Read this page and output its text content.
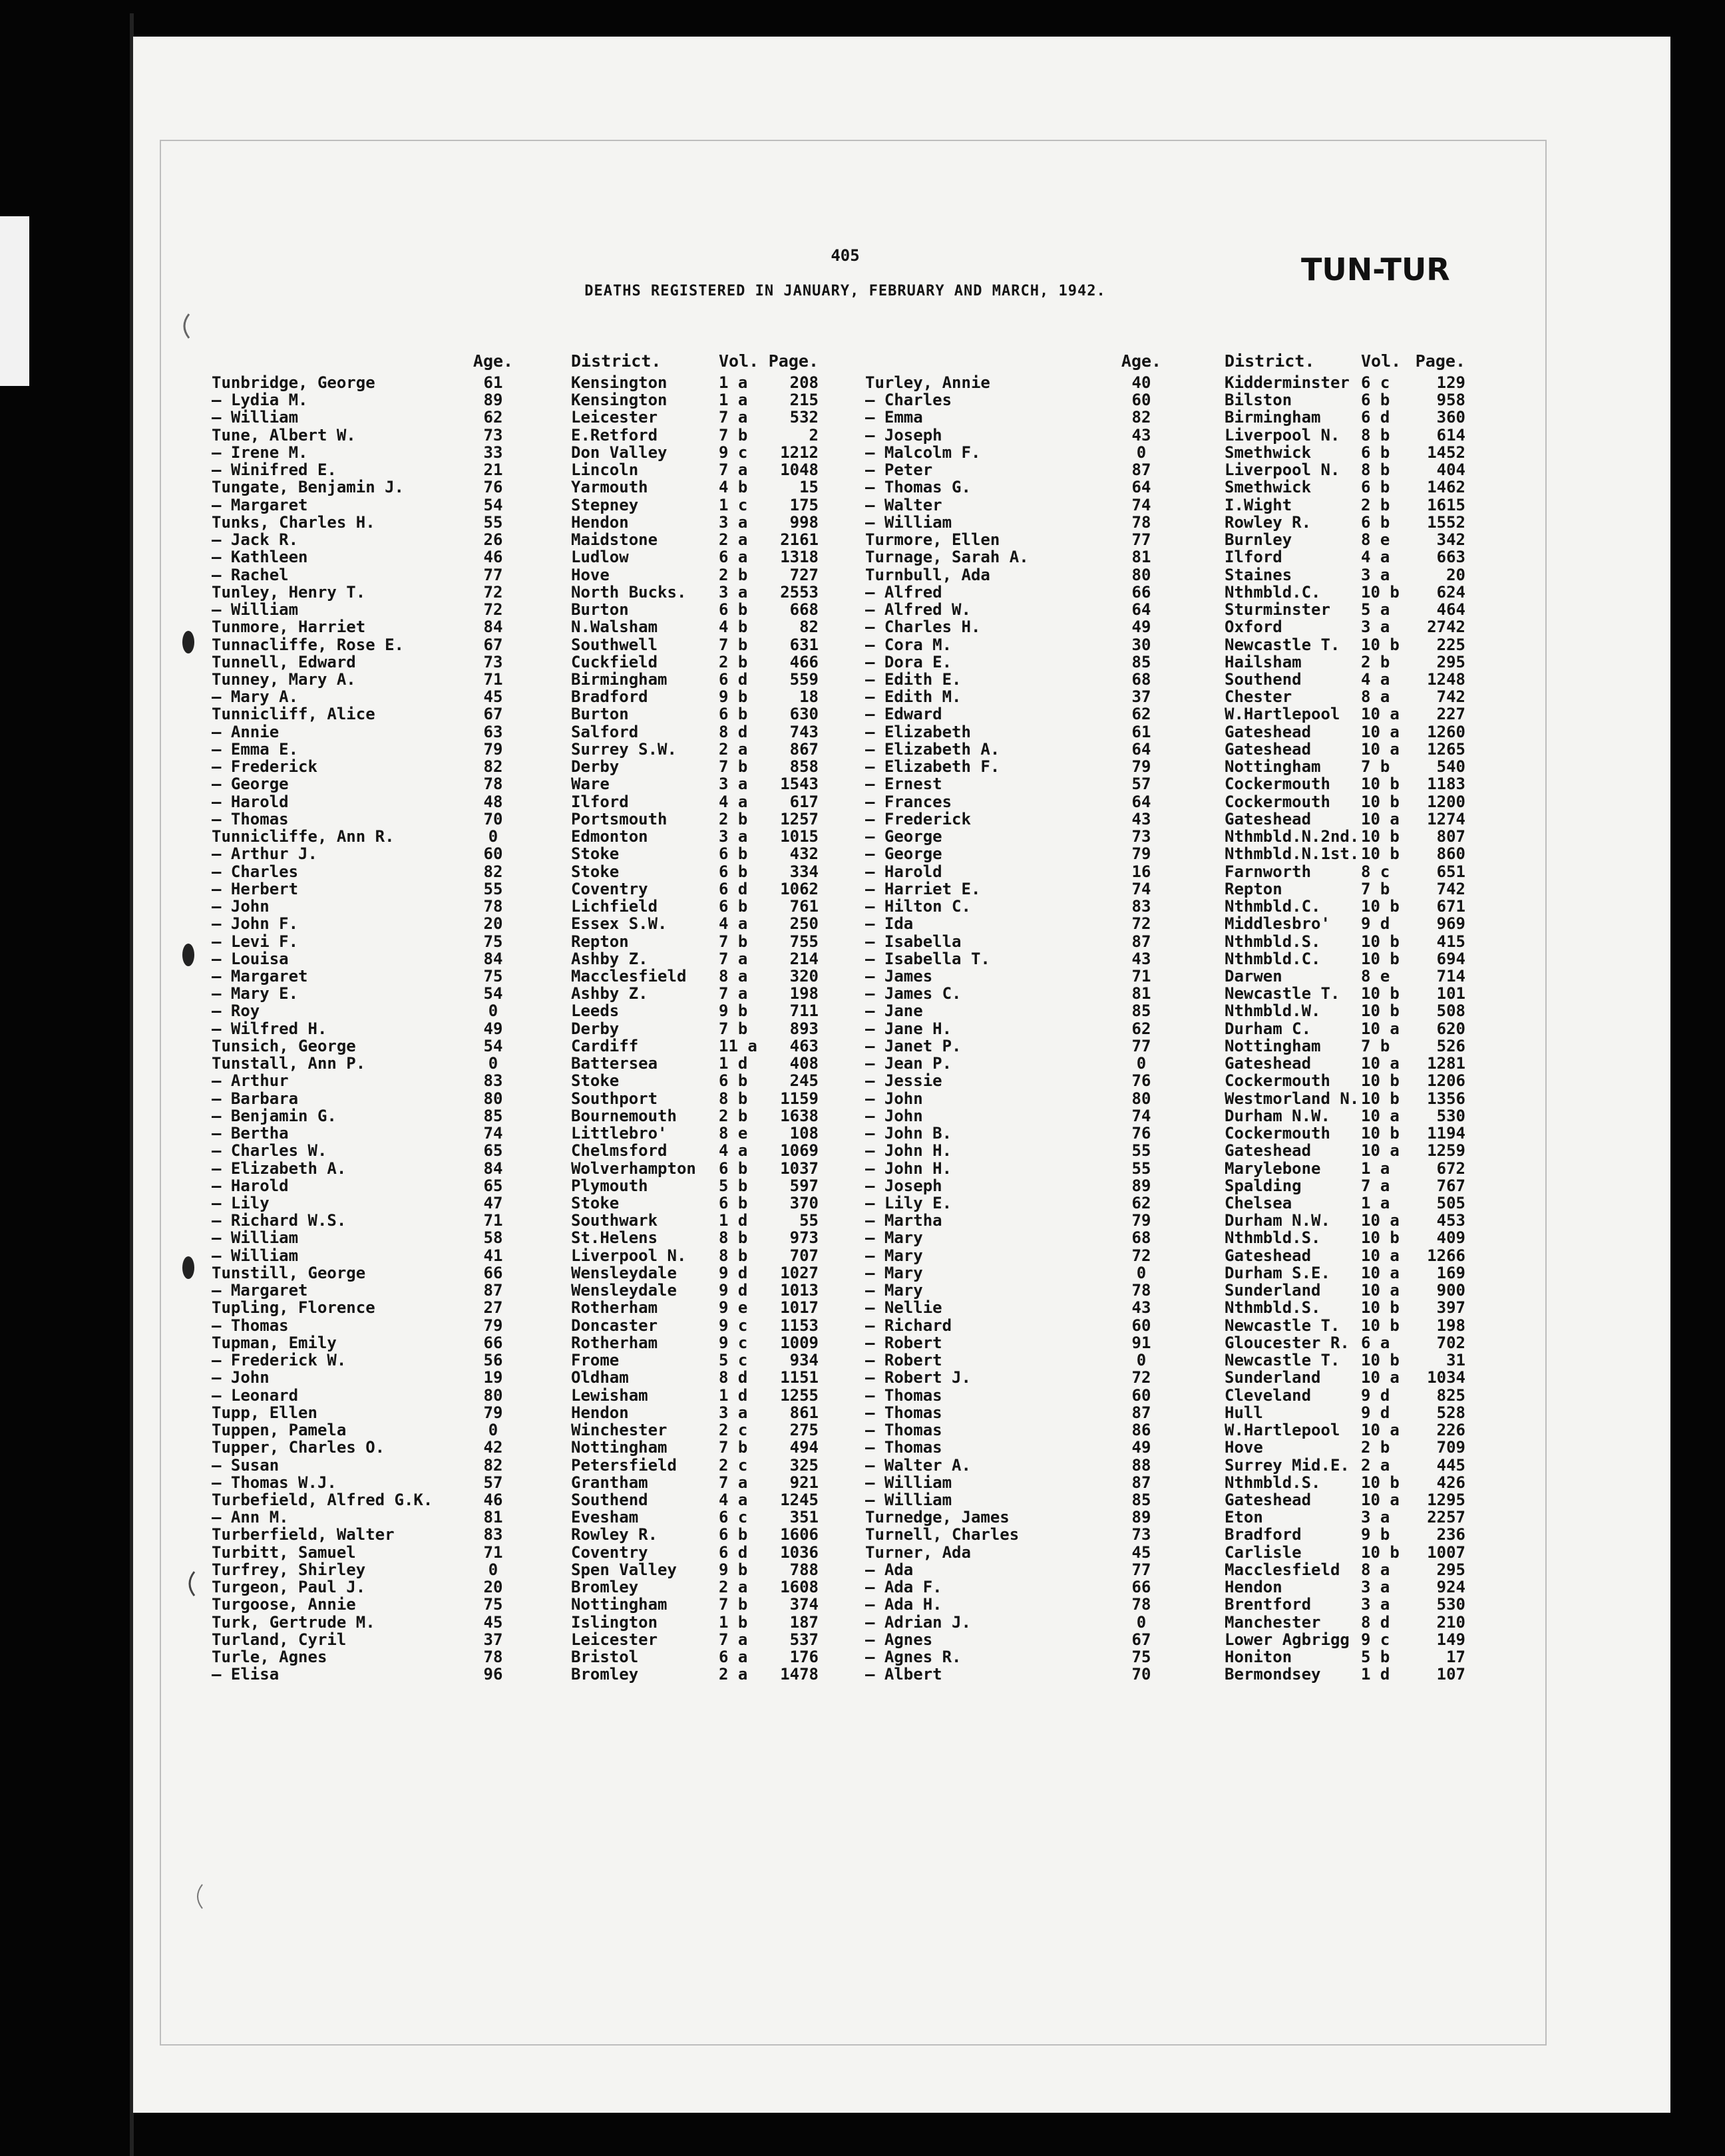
405
DEATHS REGISTERED IN JANUARY, FEBRUARY AND MARCH, 1942.
TUN-TUR
Age.	District.	Vol. Page.
Tunbridge, George	61	Kensington	1 a	208
— Lydia M.	89	Kensington	1 a	215
— William	62	Leicester	7 a	532
Tune, Albert W.	73	E.Retford	7 b	2
— Irene M.	33	Don Valley	9 c	1212
— Winifred E.	21	Lincoln	7 a	1048
Tungate, Benjamin J.	76	Yarmouth	4 b	15
— Margaret	54	Stepney	1 c	175
Tunks, Charles H.	55	Hendon	3 a	998
— Jack R.	26	Maidstone	2 a	2161
— Kathleen	46	Ludlow	6 a	1318
— Rachel	77	Hove	2 b	727
Tunley, Henry T.	72	North Bucks. 3 a	2553
— William	72	Burton	6 b	668
Tunmore, Harriet	84	N.Walsham	4 b	82
Tunnacliffe, Rose E.	67	Southwell	7 b	631
Tunnell, Edward	73	Cuckfield	2 b	466
Tunney, Mary A.	71	Birmingham	6 d	559
— Mary A.	45	Bradford	9 b	18
Tunnicliff, Alice	67	Burton	6 b	630
— Annie	63	Salford	8 d	743
— Emma E.	79	Surrey S.W.	2 a	867
— Frederick	82	Derby	7 b	858
— George	78	Ware	3 a	1543
— Harold	48	Ilford	4 a	617
— Thomas	70	Portsmouth	2 b	1257
Tunnicliffe, Ann R.	0	Edmonton	3 a	1015
— Arthur J.	60	Stoke	6 b	432
— Charles	82	Stoke	6 b	334
— Herbert	55	Coventry	6 d	1062
— John	78	Lichfield	6 b	761
— John F.	20	Essex S.W.	4 a	250
— Levi F.	75	Repton	7 b	755
— Louisa	84	Ashby Z.	7 a	214
— Margaret	75	Macclesfield 8 a	320
— Mary E.	54	Ashby Z.	7 a	198
— Roy	0	Leeds	9 b	711
— Wilfred H.	49	Derby	7 b	893
Tunsich, George	54	Cardiff	11 a	463
Tunstall, Ann P.	0	Battersea	1 d	408
— Arthur	83	Stoke	6 b	245
— Barbara	80	Southport	8 b	1159
— Benjamin G.	85	Bournemouth	2 b	1638
— Bertha	74	Littlebro'	8 e	108
— Charles W.	65	Chelmsford	4 a	1069
— Elizabeth A.	84	Wolverhampton 6 b	1037
— Harold	65	Plymouth	5 b	597
— Lily	47	Stoke	6 b	370
— Richard W.S.	71	Southwark	1 d	55
— William	58	St.Helens	8 b	973
— William	41	Liverpool N. 8 b	707
Tunstill, George	66	Wensleydale	9 d	1027
— Margaret	87	Wensleydale	9 d	1013
Tupling, Florence	27	Rotherham	9 e	1017
— Thomas	79	Doncaster	9 c	1153
Tupman, Emily	66	Rotherham	9 c	1009
— Frederick W.	56	Frome	5 c	934
— John	19	Oldham	8 d	1151
— Leonard	80	Lewisham	1 d	1255
Tupp, Ellen	79	Hendon	3 a	861
Tuppen, Pamela	0	Winchester	2 c	275
Tupper, Charles O.	42	Nottingham	7 b	494
— Susan	82	Petersfield	2 c	325
— Thomas W.J.	57	Grantham	7 a	921
Turbefield, Alfred G.K.	46	Southend	4 a	1245
— Ann M.	81	Evesham	6 c	351
Turberfield, Walter	83	Rowley R.	6 b	1606
Turbitt, Samuel	71	Coventry	6 d	1036
Turfrey, Shirley	0	Spen Valley	9 b	788
Turgeon, Paul J.	20	Bromley	2 a	1608
Turgoose, Annie	75	Nottingham	7 b	374
Turk, Gertrude M.	45	Islington	1 b	187
Turland, Cyril	37	Leicester	7 a	537
Turle, Agnes	78	Bristol	6 a	176
— Elisa	96	Bromley	2 a	1478
Age.	District.	Vol. Page.
Turley, Annie	40	Kidderminster 6 c	129
— Charles	60	Bilston	6 b	958
— Emma	82	Birmingham	6 d	360
— Joseph	43	Liverpool N. 8 b	614
— Malcolm F.	0	Smethwick	6 b	1452
— Peter	87	Liverpool N. 8 b	404
— Thomas G.	64	Smethwick	6 b	1462
— Walter	74	I.Wight	2 b	1615
— William	78	Rowley R.	6 b	1552
Turmore, Ellen	77	Burnley	8 e	342
Turnage, Sarah A.	81	Ilford	4 a	663
Turnbull, Ada	80	Staines	3 a	20
— Alfred	66	Nthmbld.C.	10 b	624
— Alfred W.	64	Sturminster 5 a	464
— Charles H.	49	Oxford	3 a	2742
— Cora M.	30	Newcastle T. 10 b	225
— Dora E.	85	Hailsham	2 b	295
— Edith E.	68	Southend	4 a	1248
— Edith M.	37	Chester	8 a	742
— Edward	62	W.Hartlepool 10 a	227
— Elizabeth	61	Gateshead	10 a	1260
— Elizabeth A.	64	Gateshead	10 a	1265
— Elizabeth F.	79	Nottingham	7 b	540
— Ernest	57	Cockermouth 10 b	1183
— Frances	64	Cockermouth 10 b	1200
— Frederick	43	Gateshead	10 a	1274
— George	73	Nthmbld.N.2nd. 10 b	807
— George	79	Nthmbld.N.1st. 10 b	860
— Harold	16	Farnworth	8 c	651
— Harriet E.	74	Repton	7 b	742
— Hilton C.	83	Nthmbld.C.	10 b	671
— Ida	72	Middlesbro' 9 d	969
— Isabella	87	Nthmbld.S.	10 b	415
— Isabella T.	43	Nthmbld.C.	10 b	694
— James	71	Darwen	8 e	714
— James C.	81	Newcastle T. 10 b	101
— Jane	85	Nthmbld.W.	10 b	508
— Jane H.	62	Durham C.	10 a	620
— Janet P.	77	Nottingham	7 b	526
— Jean P.	0	Gateshead	10 a	1281
— Jessie	76	Cockermouth 10 b	1206
— John	80	Westmorland N. 10 b	1356
— John	74	Durham N.W. 10 a	530
— John B.	76	Cockermouth 10 b	1194
— John H.	55	Gateshead	10 a	1259
— John H.	55	Marylebone	1 a	672
— Joseph	89	Spalding	7 a	767
— Lily E.	62	Chelsea	1 a	505
— Martha	79	Durham N.W. 10 a	453
— Mary	68	Nthmbld.S.	10 b	409
— Mary	72	Gateshead	10 a	1266
— Mary	0	Durham S.E. 10 a	169
— Mary	78	Sunderland	10 a	900
— Nellie	43	Nthmbld.S.	10 b	397
— Richard	60	Newcastle T. 10 b	198
— Robert	91	Gloucester R. 6 a	702
— Robert	0	Newcastle T. 10 b	31
— Robert J.	72	Sunderland	10 a	1034
— Thomas	60	Cleveland	9 d	825
— Thomas	87	Hull	9 d	528
— Thomas	86	W.Hartlepool 10 a	226
— Thomas	49	Hove	2 b	709
— Walter A.	88	Surrey Mid.E. 2 a	445
— William	87	Nthmbld.S.	10 b	426
— William	85	Gateshead	10 a	1295
Turnedge, James	89	Eton	3 a	2257
Turnell, Charles	73	Bradford	9 b	236
Turner, Ada	45	Carlisle	10 b	1007
— Ada	77	Macclesfield 8 a	295
— Ada F.	66	Hendon	3 a	924
— Ada H.	78	Brentford	3 a	530
— Adrian J.	0	Manchester	8 d	210
— Agnes	67	Lower Agbrigg 9 c	149
— Agnes R.	75	Honiton	5 b	17
— Albert	70	Bermondsey	1 d	107
